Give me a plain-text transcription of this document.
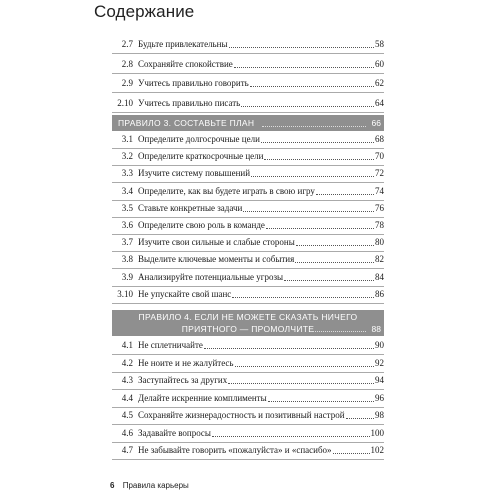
Содержание
2.7 Будьте привлекательны	58
2.8 Сохраняйте спокойствие	60
2.9 Учитесь правильно говорить	62
2.10 Учитесь правильно писать	64
ПРАВИЛО 3. СОСТАВЬТЕ ПЛАН	66
3.1 Определите долгосрочные цели	68
3.2 Определите краткосрочные цели	70
3.3 Изучите систему повышений	72
3.4 Определите, как вы будете играть в свою игру	74
3.5 Ставьте конкретные задачи	76
3.6 Определите свою роль в команде	78
3.7 Изучите свои сильные и слабые стороны	80
3.8 Выделите ключевые моменты и события	82
3.9 Анализируйте потенциальные угрозы	84
3.10 Не упускайте свой шанс	86
ПРАВИЛО 4. ЕСЛИ НЕ МОЖЕТЕ СКАЗАТЬ НИЧЕГО
ПРИЯТНОГО — ПРОМОЛЧИТЕ	88
4.1 Не сплетничайте	90
4.2 Не ноите и не жалуйтесь	92
4.3 Заступайтесь за других	94
4.4 Делайте искренние комплименты	96
4.5 Сохраняйте жизнерадостность и позитивный настрой	98
4.6 Задавайте вопросы	100
4.7 Не забывайте говорить «пожалуйста» и «спасибо»	102
6 Правила карьеры
